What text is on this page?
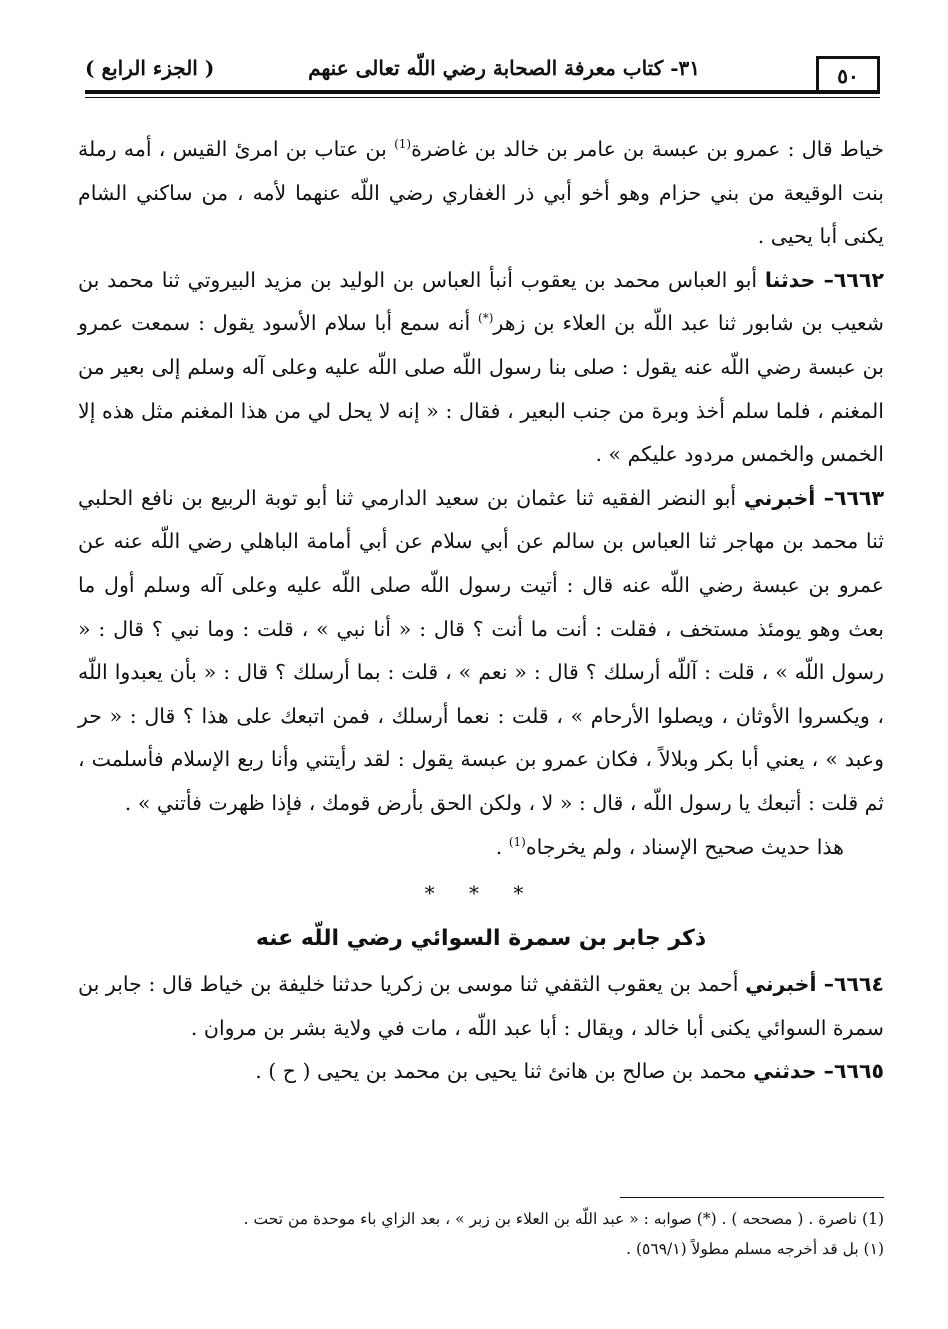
( الجزء الرابع )	٣١- كتاب معرفة الصحابة رضي اللّه تعالى عنهم	٥٠

خياط قال : عمرو بن عبسة بن عامر بن خالد بن غاضرة$^{(1)}$ بن عتاب بن امرئ القيس ، أمه رملة بنت الوقيعة من بني حزام وهو أخو أبي ذر الغفاري رضي اللّه عنهما لأمه ، من ساكني الشام يكنى أبا يحيى .

٦٦٦٢– حدثنا أبو العباس محمد بن يعقوب أنبأ العباس بن الوليد بن مزيد البيروتي ثنا محمد بن شعيب بن شابور ثنا عبد اللّه بن العلاء بن زهر(*) أنه سمع أبا سلام الأسود يقول : سمعت عمرو بن عبسة رضي اللّه عنه يقول : صلى بنا رسول اللّه صلى اللّه عليه وعلى آله وسلم إلى بعير من المغنم ، فلما سلم أخذ وبرة من جنب البعير ، فقال : « إنه لا يحل لي من هذا المغنم مثل هذه إلا الخمس والخمس مردود عليكم » .

٦٦٦٣– أخبرني أبو النضر الفقيه ثنا عثمان بن سعيد الدارمي ثنا أبو توبة الربيع بن نافع الحلبي ثنا محمد بن مهاجر ثنا العباس بن سالم عن أبي سلام عن أبي أمامة الباهلي رضي اللّه عنه عن عمرو بن عبسة رضي اللّه عنه قال : أتيت رسول اللّه صلى اللّه عليه وعلى آله وسلم أول ما بعث وهو يومئذ مستخف ، فقلت : أنت ما أنت ؟ قال : « أنا نبي » ، قلت : وما نبي ؟ قال : « رسول اللّه » ، قلت : آللّه أرسلك ؟ قال : « نعم » ، قلت : بما أرسلك ؟ قال : « بأن يعبدوا اللّه ، ويكسروا الأوثان ، ويصلوا الأرحام » ، قلت : نعما أرسلك ، فمن اتبعك على هذا ؟ قال : « حر وعبد » ، يعني أبا بكر وبلالاً ، فكان عمرو بن عبسة يقول : لقد رأيتني وأنا ربع الإسلام فأسلمت ، ثم قلت : أتبعك يا رسول اللّه ، قال : « لا ، ولكن الحق بأرض قومك ، فإذا ظهرت فأتني » .

هذا حديث صحيح الإسناد ، ولم يخرجاه$^{(1)}$ .

* * *
ذكر جابر بن سمرة السوائي رضي اللّه عنه

٦٦٦٤– أخبرني أحمد بن يعقوب الثقفي ثنا موسى بن زكريا حدثنا خليفة بن خياط قال : جابر بن سمرة السوائي يكنى أبا خالد ، ويقال : أبا عبد اللّه ، مات في ولاية بشر بن مروان .

٦٦٦٥– حدثني محمد بن صالح بن هانئ ثنا يحيى بن محمد بن يحيى ( ح ) .

(1) ناصرة . ( مصححه ) . (*) صوابه : « عبد اللّه بن العلاء بن زبر » ، بعد الزاي باء موحدة من تحت .

(١) بل قد أخرجه مسلم مطولاً (٥٦٩/١) .
